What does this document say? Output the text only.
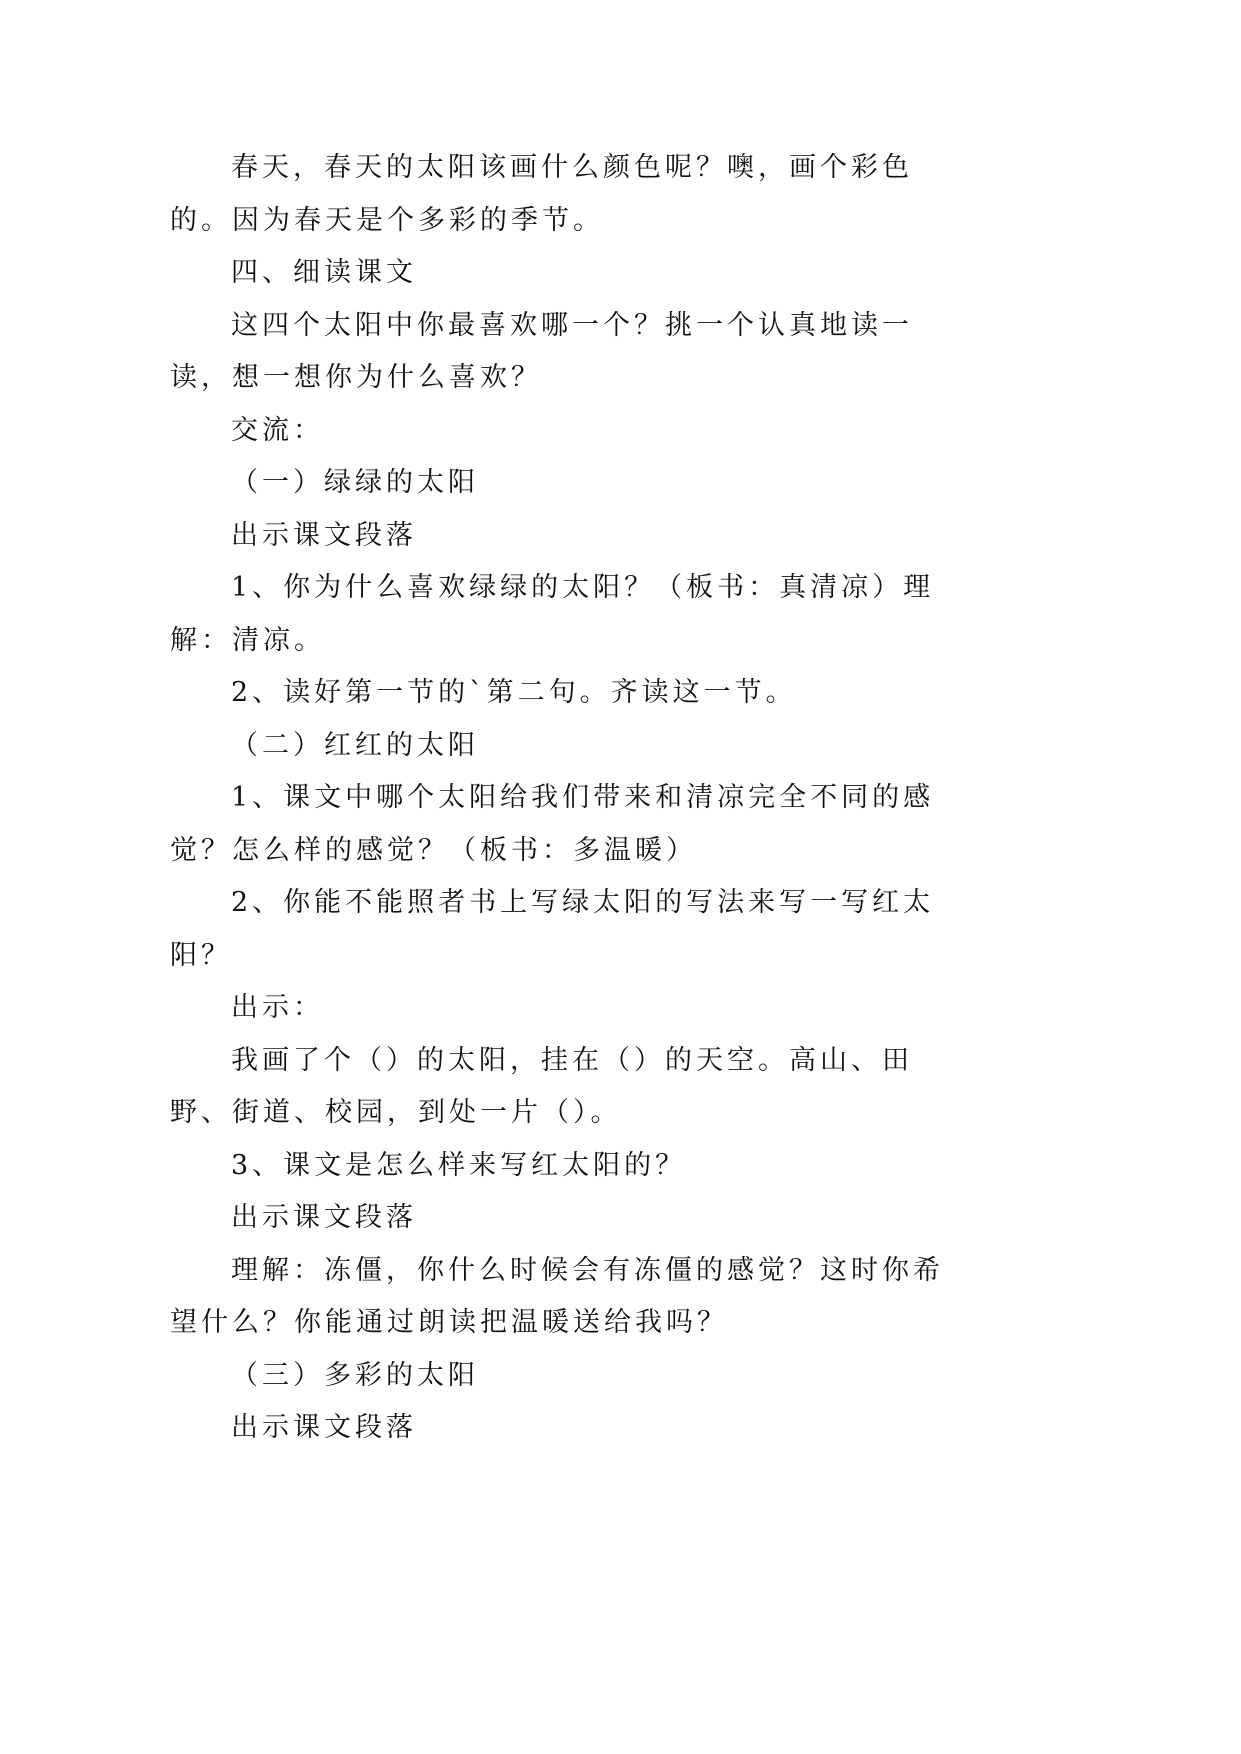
春天，春天的太阳该画什么颜色呢？噢，画个彩色的。因为春天是个多彩的季节。

四、细读课文

这四个太阳中你最喜欢哪一个？挑一个认真地读一读，想一想你为什么喜欢？

交流：

（一）绿绿的太阳

出示课文段落

1、你为什么喜欢绿绿的太阳？（板书：真清凉）理解：清凉。

2、读好第一节的`第二句。齐读这一节。

（二）红红的太阳

1、课文中哪个太阳给我们带来和清凉完全不同的感觉？怎么样的感觉？（板书：多温暖）

2、你能不能照者书上写绿太阳的写法来写一写红太阳？

出示：

我画了个（）的太阳，挂在（）的天空。高山、田野、街道、校园，到处一片（）。

3、课文是怎么样来写红太阳的？

出示课文段落

理解：冻僵，你什么时候会有冻僵的感觉？这时你希望什么？你能通过朗读把温暖送给我吗？

（三）多彩的太阳

出示课文段落
